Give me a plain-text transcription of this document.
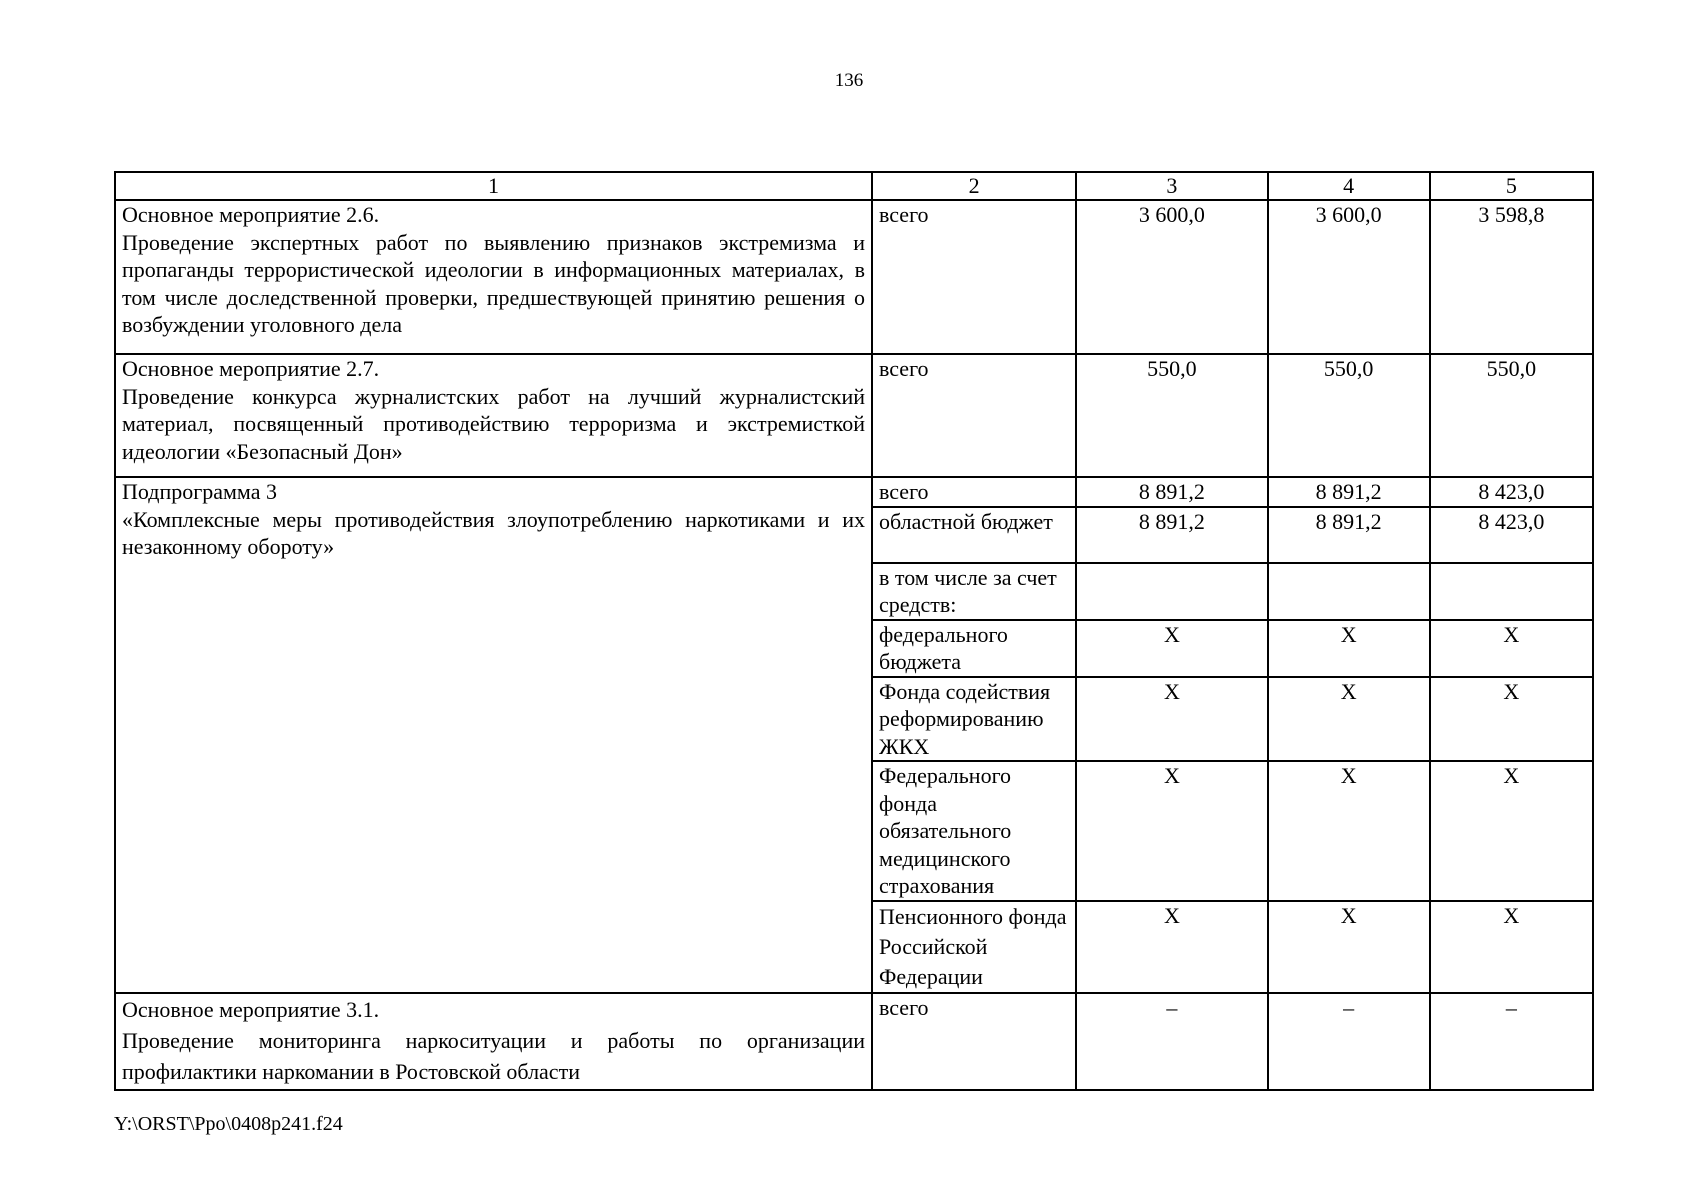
136
1	2	3	4	5

Основное мероприятие 2.6.
Проведение экспертных работ по выявлению признаков экстремизма и пропаганды террористической идеологии в информационных материалах, в том числе доследственной проверки, предшествующей принятию решения о возбуждении уголовного дела	всего	3 600,0	3 600,0	3 598,8

Основное мероприятие 2.7.
Проведение конкурса журналистских работ на лучший журналистский материал, посвященный противодействию терроризма и экстремисткой идеологии «Безопасный Дон»	всего	550,0	550,0	550,0

Подпрограмма 3
«Комплексные меры противодействия злоупотреблению наркотиками и их незаконному обороту»	всего	8 891,2	8 891,2	8 423,0
	областной бюджет	8 891,2	8 891,2	8 423,0
	в том числе за счет средств:			
	федерального бюджета	Х	Х	Х
	Фонда содействия реформированию ЖКХ	Х	Х	Х
	Федерального фонда обязательного медицинского страхования	Х	Х	Х
	Пенсионного фонда Российской Федерации	Х	Х	Х

Основное мероприятие 3.1.
Проведение мониторинга наркоситуации и работы по организации профилактики наркомании в Ростовской области	всего	–	–	–
Y:\ORST\Ppo\0408p241.f24
